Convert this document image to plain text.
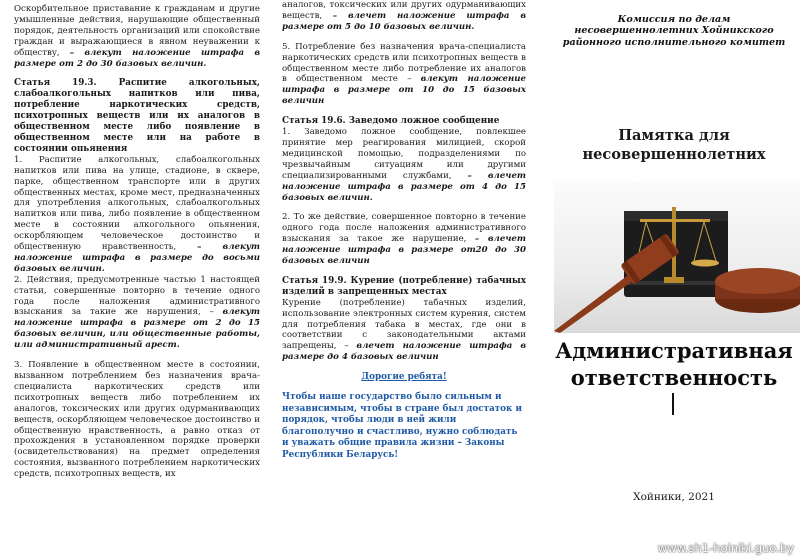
Оскорбительное приставание к гражданам и другие умышленные действия, нарушающие общественный порядок, деятельность организаций или спокойствие граждан и выражающиеся в явном неуважении к обществу, – влекут наложение штрафа в размере от 2 до 30 базовых величин.

Статья 19.3. Распитие алкогольных, слабоалкогольных напитков или пива, потребление наркотических средств, психотропных веществ или их аналогов в общественном месте либо появление в общественном месте или на работе в состоянии опьянения

1. Распитие алкогольных, слабоалкогольных напитков или пива на улице, стадионе, в сквере, парке, общественном транспорте или в других общественных местах, кроме мест, предназначенных для употребления алкогольных, слабоалкогольных напитков или пива, либо появление в общественном месте в состоянии алкогольного опьянения, оскорбляющем человеческое достоинство и общественную нравственность, – влекут наложение штрафа в размере до восьми базовых величин.

2. Действия, предусмотренные частью 1 настоящей статьи, совершенные повторно в течение одного года после наложения административного взыскания за такие же нарушения, – влекут наложение штрафа в размере от 2 до 15 базовых величин, или общественные работы, или административный арест.

3. Появление в общественном месте в состоянии, вызванном потреблением без назначения врача-специалиста наркотических средств или психотропных веществ либо потреблением их аналогов, токсических или других одурманивающих веществ, оскорбляющем человеческое достоинство и общественную нравственность, а равно отказ от прохождения в установленном порядке проверки (освидетельствования) на предмет определения состояния, вызванного потреблением наркотических средств, психотропных веществ, их

аналогов, токсических или других одурманивающих веществ, – влечет наложение штрафа в размере от 5 до 10 базовых величин.

5. Потребление без назначения врача-специалиста наркотических средств или психотропных веществ в общественном месте либо потребление их аналогов в общественном месте – влекут наложение штрафа в размере от 10 до 15 базовых величин

Статья 19.6. Заведомо ложное сообщение

1. Заведомо ложное сообщение, повлекшее принятие мер реагирования милицией, скорой медицинской помощью, подразделениями по чрезвычайным ситуациям или другими специализированными службами, – влечет наложение штрафа в размере от 4 до 15 базовых величин.

2. То же действие, совершенное повторно в течение одного года после наложения административного взыскания за такое же нарушение, – влечет наложение штрафа в размере от20 до 30 базовых величин

Статья 19.9. Курение (потребление) табачных изделий в запрещенных местах

Курение (потребление) табачных изделий, использование электронных систем курения, систем для потребления табака в местах, где они в соответствии с законодательными актами запрещены, – влечет наложение штрафа в размере до 4 базовых величин

Дорогие ребята!

Чтобы наше государство было сильным и независимым, чтобы в стране был достаток и порядок, чтобы люди в ней жили благополучно и счастливо, нужно соблюдать и уважать общие правила жизни – Законы Республики Беларусь!

Комиссия по делам несовершеннолетних Хойникского районного исполнительного комитет
Памятка для несовершеннолетних
Административная ответственность
Хойники, 2021
www.sh1-hoiniki.guo.by
